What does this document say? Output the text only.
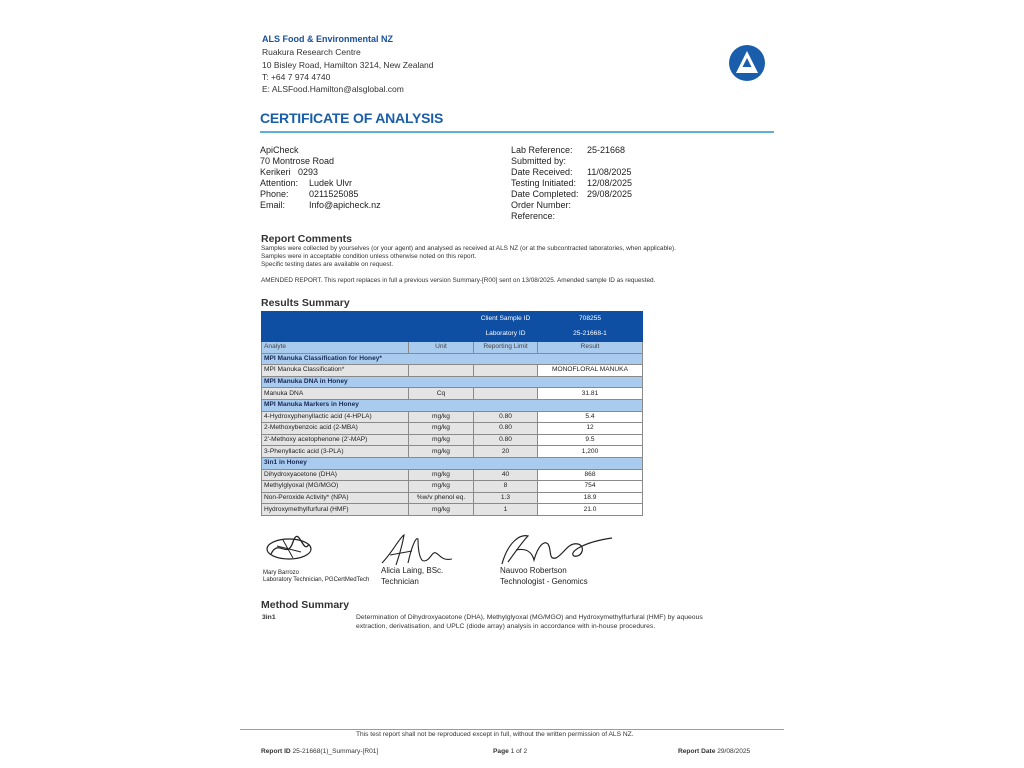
ALS Food & Environmental NZ
Ruakura Research Centre
10 Bisley Road, Hamilton 3214, New Zealand
T: +64 7 974 4740
E: ALSFood.Hamilton@alsglobal.com
CERTIFICATE OF ANALYSIS
ApiCheck
70 Montrose Road
Kerikeri   0293
Attention: Ludek Ulvr
Phone: 0211525085
Email:	Info@apicheck.nz
Lab Reference: 25-21668
Submitted by:
Date Received: 11/08/2025
Testing Initiated: 12/08/2025
Date Completed: 29/08/2025
Order Number:
Reference:
Report Comments
Samples were collected by yourselves (or your agent) and analysed as received at ALS NZ (or at the subcontracted laboratories, when applicable).
Samples were in acceptable condition unless otherwise noted on this report.
Specific testing dates are available on request.
AMENDED REPORT. This report replaces in full a previous version Summary-[R00] sent on 13/08/2025. Amended sample ID as requested.
Results Summary
		Client Sample ID	708255
		Laboratory ID	25-21668-1
Analyte	Unit	Reporting Limit	Result
MPI Manuka Classification for Honey*			
MPI Manuka Classification*			MONOFLORAL MANUKA
MPI Manuka DNA in Honey			
Manuka DNA	Cq		31.81
MPI Manuka Markers in Honey			
4-Hydroxyphenyllactic acid (4-HPLA)	mg/kg	0.80	5.4
2-Methoxybenzoic acid (2-MBA)	mg/kg	0.80	12
2'-Methoxy acetophenone (2'-MAP)	mg/kg	0.80	9.5
3-Phenyllactic acid (3-PLA)	mg/kg	20	1,200
3in1 in Honey			
Dihydroxyacetone (DHA)	mg/kg	40	868
Methylglyoxal (MG/MGO)	mg/kg	8	754
Non-Peroxide Activity* (NPA)	%w/v phenol eq.	1.3	18.9
Hydroxymethylfurfural (HMF)	mg/kg	1	21.0
Mary Barrozo
Laboratory Technician, PGCertMedTech
Alicia Laing, BSc.
Technician
Nauvoo Robertson
Technologist - Genomics
Method Summary
3in1	Determination of Dihydroxyacetone (DHA), Methylglyoxal (MG/MGO) and Hydroxymethylfurfural (HMF) by aqueous
extraction, derivatisation, and UPLC (diode array) analysis in accordance with in-house procedures.
This test report shall not be reproduced except in full, without the written permission of ALS NZ.
Report ID 25-21668(1)_Summary-[R01]	Page 1 of 2	Report Date 29/08/2025
